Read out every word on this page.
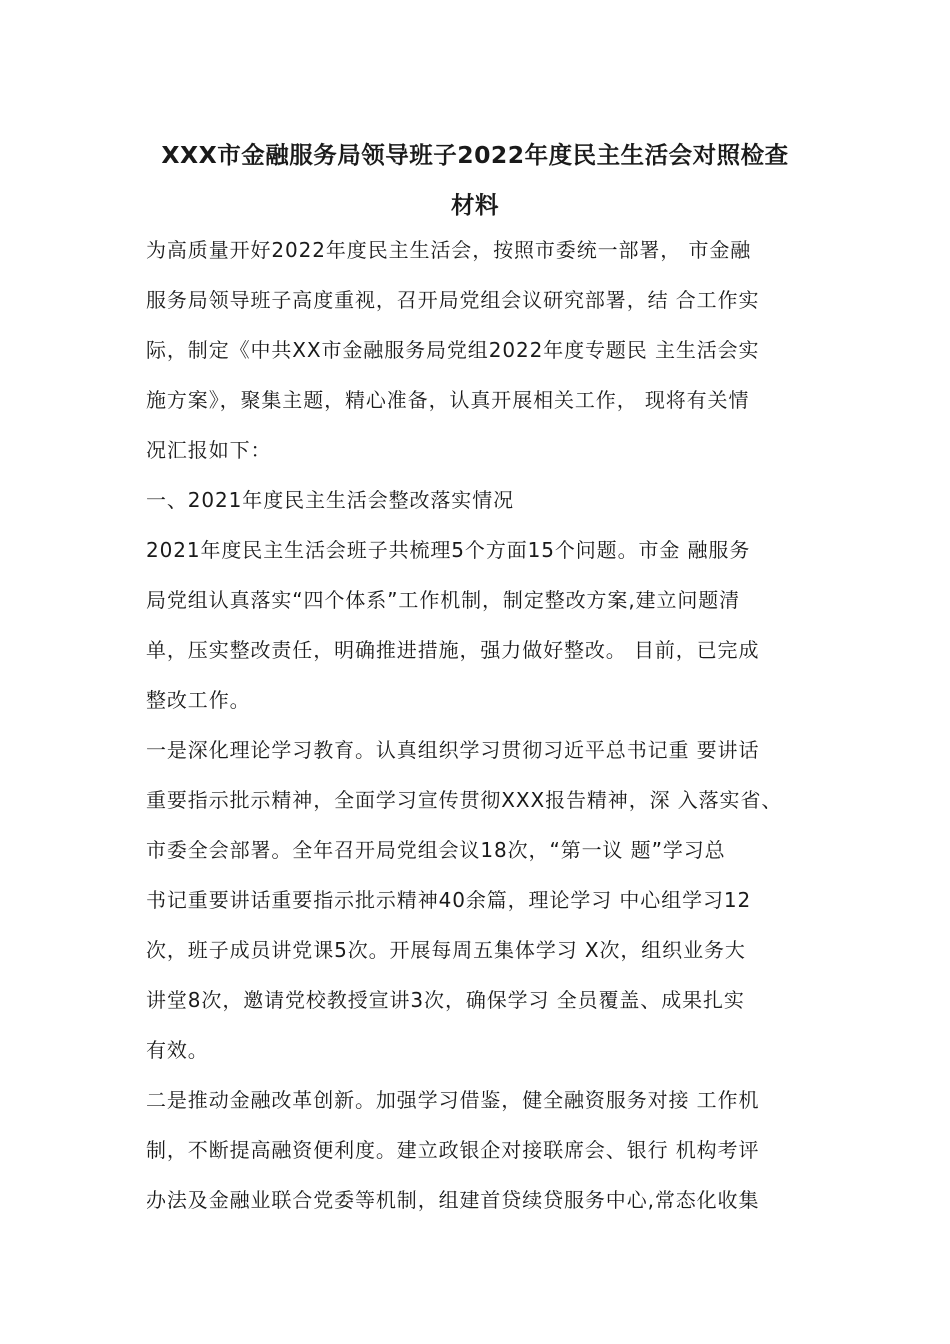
XXX市金融服务局领导班子2022年度民主生活会对照检查
材料
为高质量开好2022年度民主生活会，按照市委统一部署， 市金融
服务局领导班子高度重视，召开局党组会议研究部署，结 合工作实
际，制定《中共XX市金融服务局党组2022年度专题民 主生活会实
施方案》，聚集主题，精心准备，认真开展相关工作， 现将有关情
况汇报如下：
一、2021年度民主生活会整改落实情况
2021年度民主生活会班子共梳理5个方面15个问题。市金 融服务
局党组认真落实“四个体系”工作机制，制定整改方案,建立问题清
单，压实整改责任，明确推进措施，强力做好整改。 目前，已完成
整改工作。
一是深化理论学习教育。认真组织学习贯彻习近平总书记重 要讲话
重要指示批示精神，全面学习宣传贯彻XXX报告精神，深 入落实省、
市委全会部署。全年召开局党组会议18次，“第一议 题”学习总
书记重要讲话重要指示批示精神40余篇，理论学习 中心组学习12
次，班子成员讲党课5次。开展每周五集体学习 X次，组织业务大
讲堂8次，邀请党校教授宣讲3次，确保学习 全员覆盖、成果扎实
有效。
二是推动金融改革创新。加强学习借鉴，健全融资服务对接 工作机
制，不断提高融资便利度。建立政银企对接联席会、银行 机构考评
办法及金融业联合党委等机制，组建首贷续贷服务中心,常态化收集
